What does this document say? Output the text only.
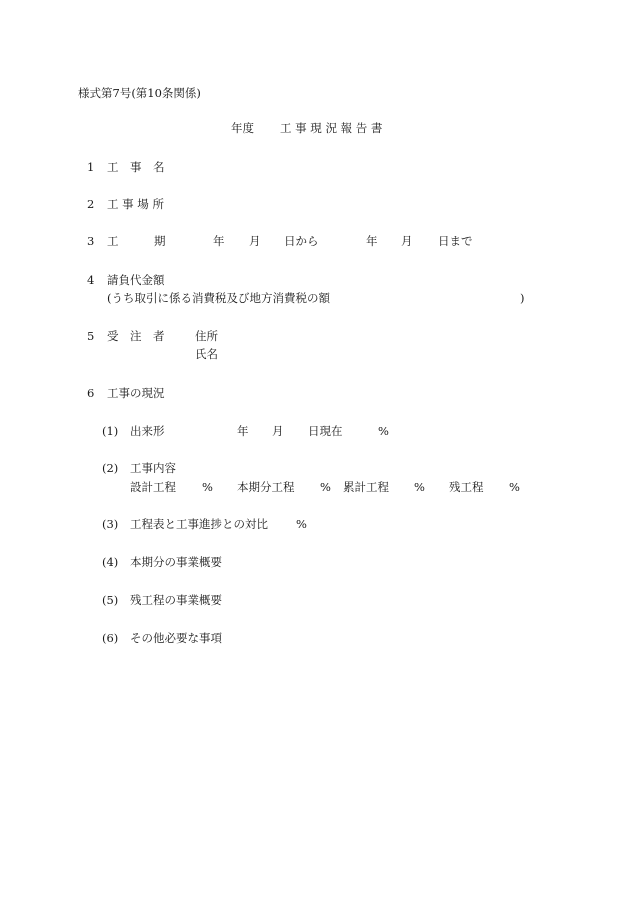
様式第7号(第10条関係)
年度 工 事 現 況 報 告 書
1 工　事　名
2 工 事 場 所
3 工	期	年 月 日から	年 月 日まで
4 請負代金額
(うち取引に係る消費税及び地方消費税の額	)
5 受　注　者	住所
氏名
6 工事の現況
(1) 出来形	年 月 日現在	%
(2) 工事内容
設計工程 % 本期分工程 % 累計工程 % 残工程 %
(3) 工程表と工事進捗との対比 %
(4) 本期分の事業概要
(5) 残工程の事業概要
(6) その他必要な事項
